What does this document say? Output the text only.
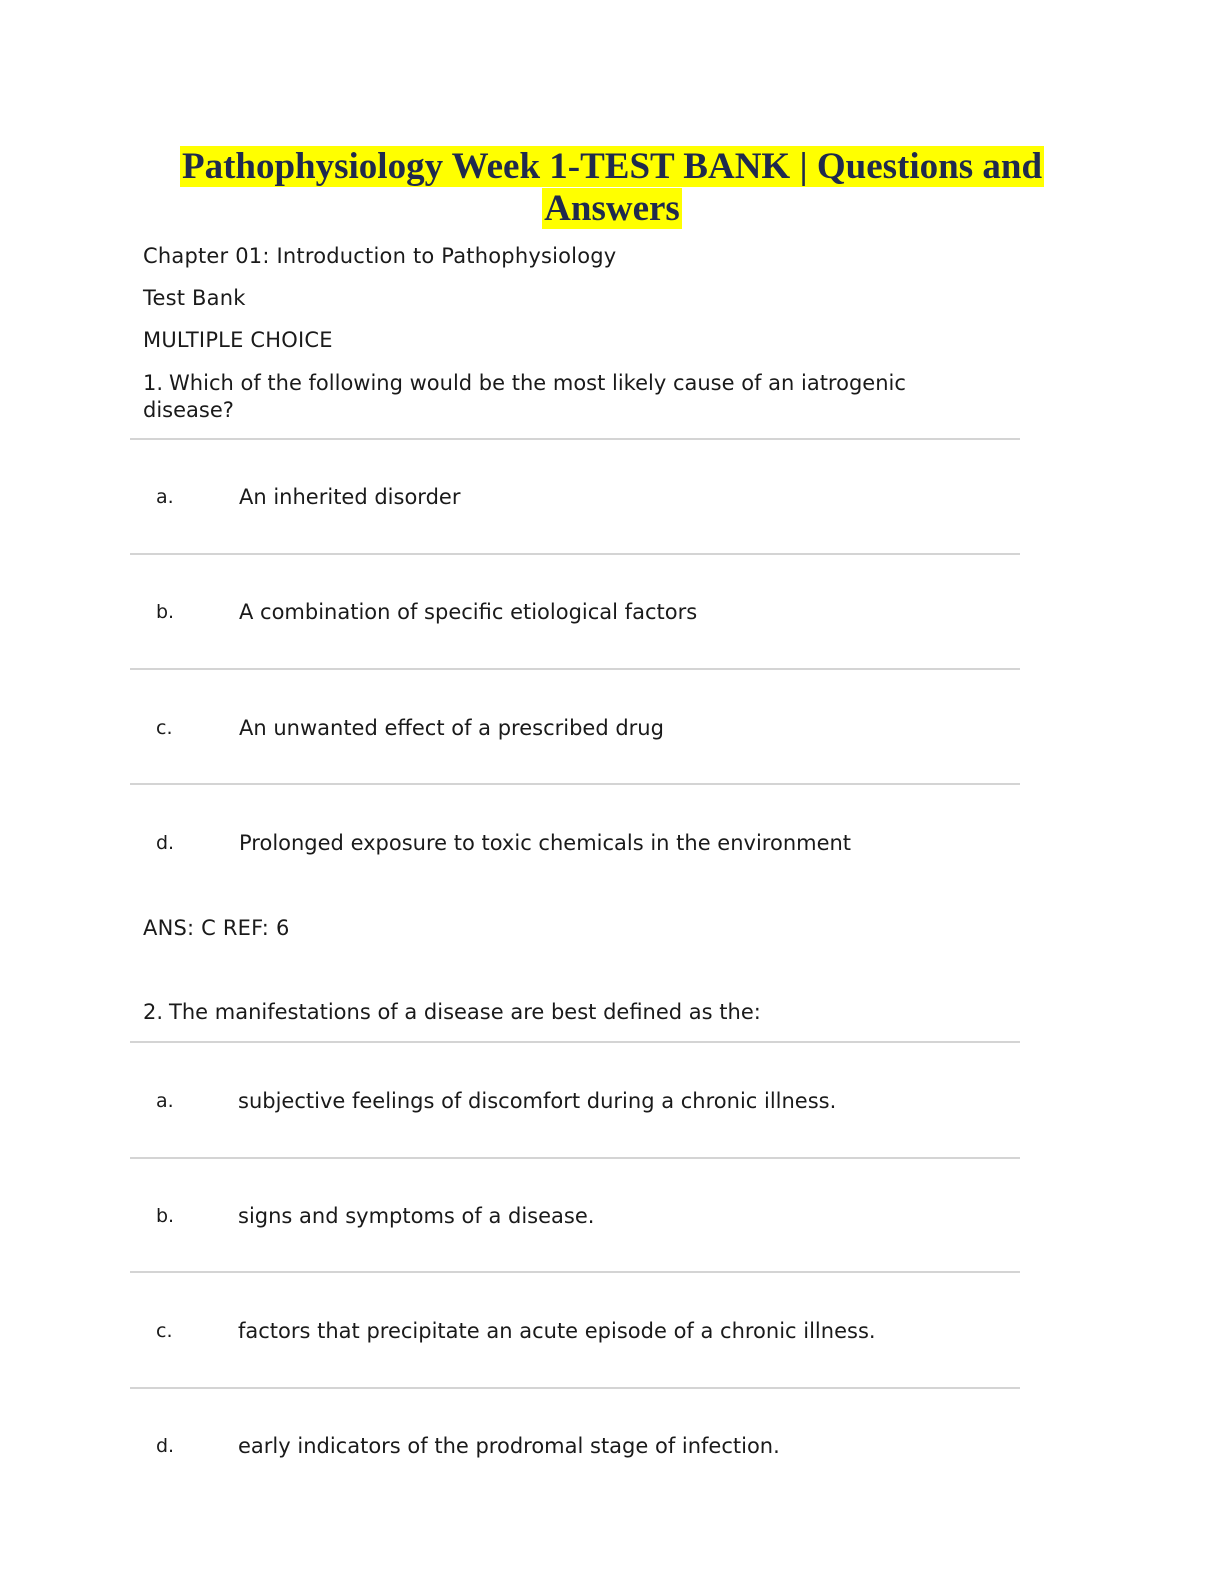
Pathophysiology Week 1-TEST BANK | Questions and
Answers
Chapter 01: Introduction to Pathophysiology
Test Bank
MULTIPLE CHOICE
1. Which of the following would be the most likely cause of an iatrogenic disease?
a.	An inherited disorder
b.	A combination of specific etiological factors
c.	An unwanted effect of a prescribed drug
d.	Prolonged exposure to toxic chemicals in the environment
ANS: C REF: 6
2. The manifestations of a disease are best defined as the:
a.	subjective feelings of discomfort during a chronic illness.
b.	signs and symptoms of a disease.
c.	factors that precipitate an acute episode of a chronic illness.
d.	early indicators of the prodromal stage of infection.
